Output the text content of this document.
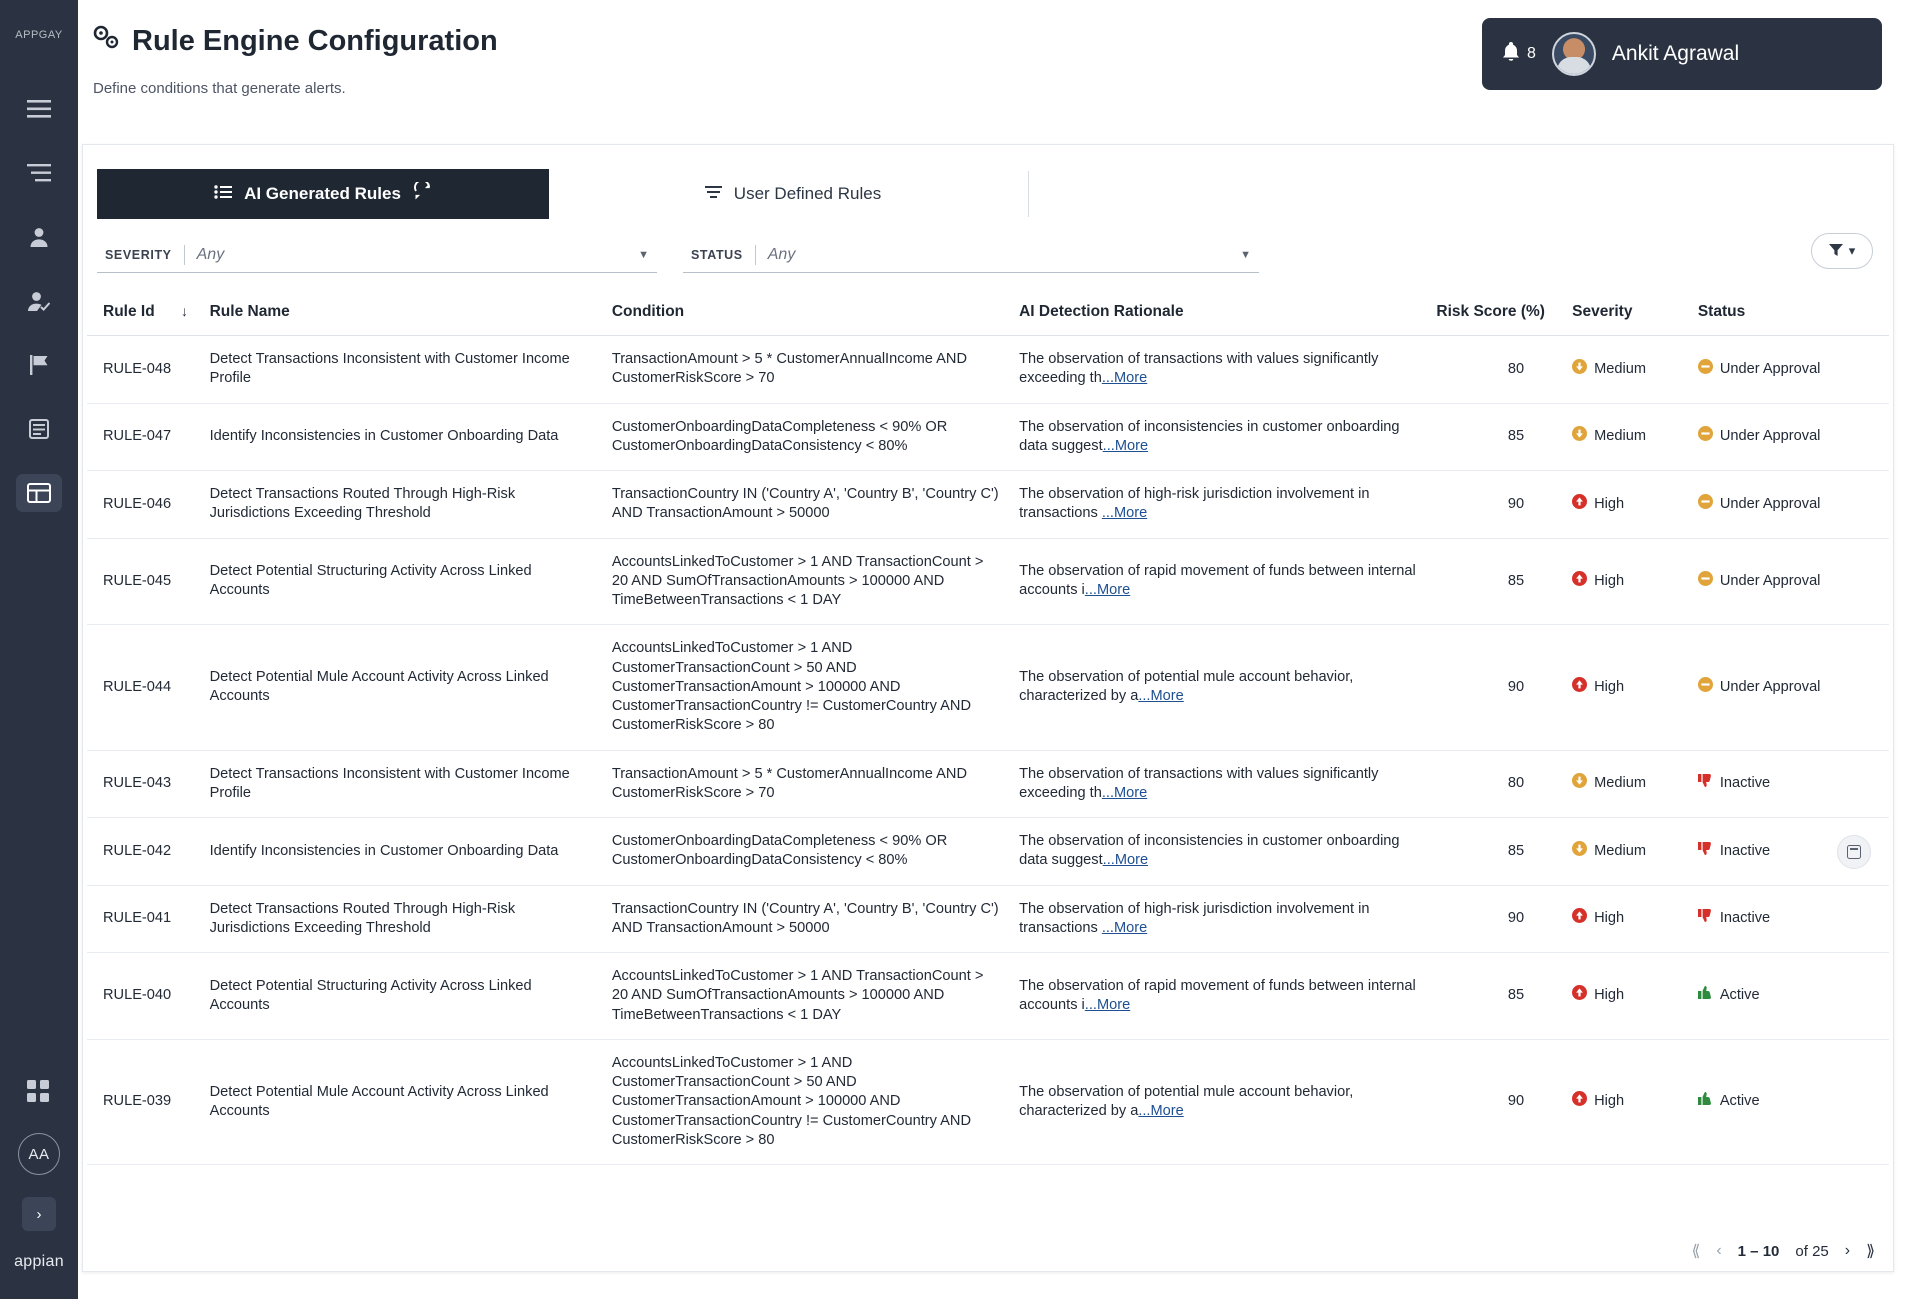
APPGAY
AA
›
appian
Rule Engine Configuration
Define conditions that generate alerts.
8	Ankit Agrawal
AI Generated Rules	User Defined Rules
SEVERITY Any	▼	STATUS Any	▼	▾
Rule Id ↓	Rule Name	Condition	AI Detection Rationale	Risk Score (%)	Severity	Status
RULE-048	Detect Transactions Inconsistent with Customer Income Profile	TransactionAmount > 5 * CustomerAnnualIncome AND CustomerRiskScore > 70	The observation of transactions with values significantly exceeding th...More	80	Medium	Under Approval

RULE-047	Identify Inconsistencies in Customer Onboarding Data	CustomerOnboardingDataCompleteness < 90% OR CustomerOnboardingDataConsistency < 80%	The observation of inconsistencies in customer onboarding data suggest...More	85	Medium	Under Approval

RULE-046	Detect Transactions Routed Through High-Risk Jurisdictions Exceeding Threshold	TransactionCountry IN ('Country A', 'Country B', 'Country C') AND TransactionAmount > 50000	The observation of high-risk jurisdiction involvement in transactions ...More	90	High	Under Approval

RULE-045	Detect Potential Structuring Activity Across Linked Accounts	AccountsLinkedToCustomer > 1 AND TransactionCount > 20 AND SumOfTransactionAmounts > 100000 AND TimeBetweenTransactions < 1 DAY	The observation of rapid movement of funds between internal accounts i...More	85	High	Under Approval

RULE-044	Detect Potential Mule Account Activity Across Linked Accounts	AccountsLinkedToCustomer > 1 AND CustomerTransactionCount > 50 AND CustomerTransactionAmount > 100000 AND CustomerTransactionCountry != CustomerCountry AND CustomerRiskScore > 80	The observation of potential mule account behavior, characterized by a...More	90	High	Under Approval

RULE-043	Detect Transactions Inconsistent with Customer Income Profile	TransactionAmount > 5 * CustomerAnnualIncome AND CustomerRiskScore > 70	The observation of transactions with values significantly exceeding th...More	80	Medium	Inactive

RULE-042	Identify Inconsistencies in Customer Onboarding Data	CustomerOnboardingDataCompleteness < 90% OR CustomerOnboardingDataConsistency < 80%	The observation of inconsistencies in customer onboarding data suggest...More	85	Medium	Inactive

RULE-041	Detect Transactions Routed Through High-Risk Jurisdictions Exceeding Threshold	TransactionCountry IN ('Country A', 'Country B', 'Country C') AND TransactionAmount > 50000	The observation of high-risk jurisdiction involvement in transactions ...More	90	High	Inactive

RULE-040	Detect Potential Structuring Activity Across Linked Accounts	AccountsLinkedToCustomer > 1 AND TransactionCount > 20 AND SumOfTransactionAmounts > 100000 AND TimeBetweenTransactions < 1 DAY	The observation of rapid movement of funds between internal accounts i...More	85	High	Active

RULE-039	Detect Potential Mule Account Activity Across Linked Accounts	AccountsLinkedToCustomer > 1 AND CustomerTransactionCount > 50 AND CustomerTransactionAmount > 100000 AND CustomerTransactionCountry != CustomerCountry AND CustomerRiskScore > 80	The observation of potential mule account behavior, characterized by a...More	90	High	Active
⟪ ‹ 1 – 10 of 25 › ⟫
